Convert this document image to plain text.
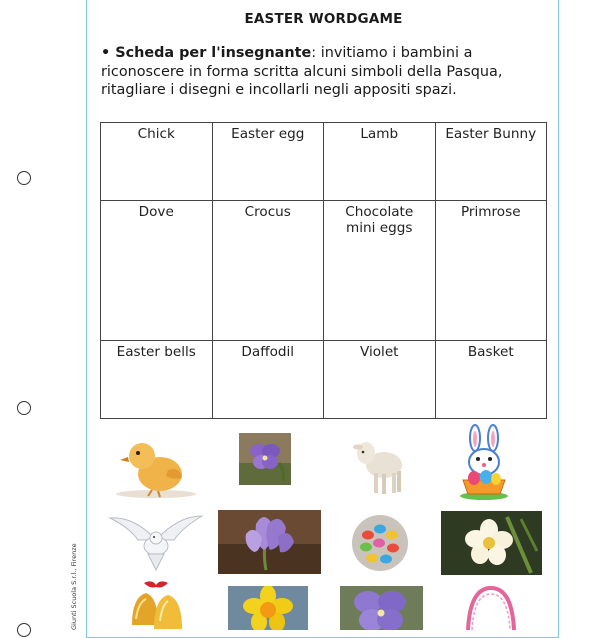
Giunti Scuola S.r.l., Firenze
EASTER WORDGAME
• Scheda per l'insegnante: invitiamo i bambini a riconoscere in forma scritta alcuni simboli della Pasqua, ritagliare i disegni e incollarli negli appositi spazi.
Chick	Easter egg	Lamb	Easter Bunny
Dove	Crocus	Chocolate mini eggs	Primrose
Easter bells	Daffodil	Violet	Basket
